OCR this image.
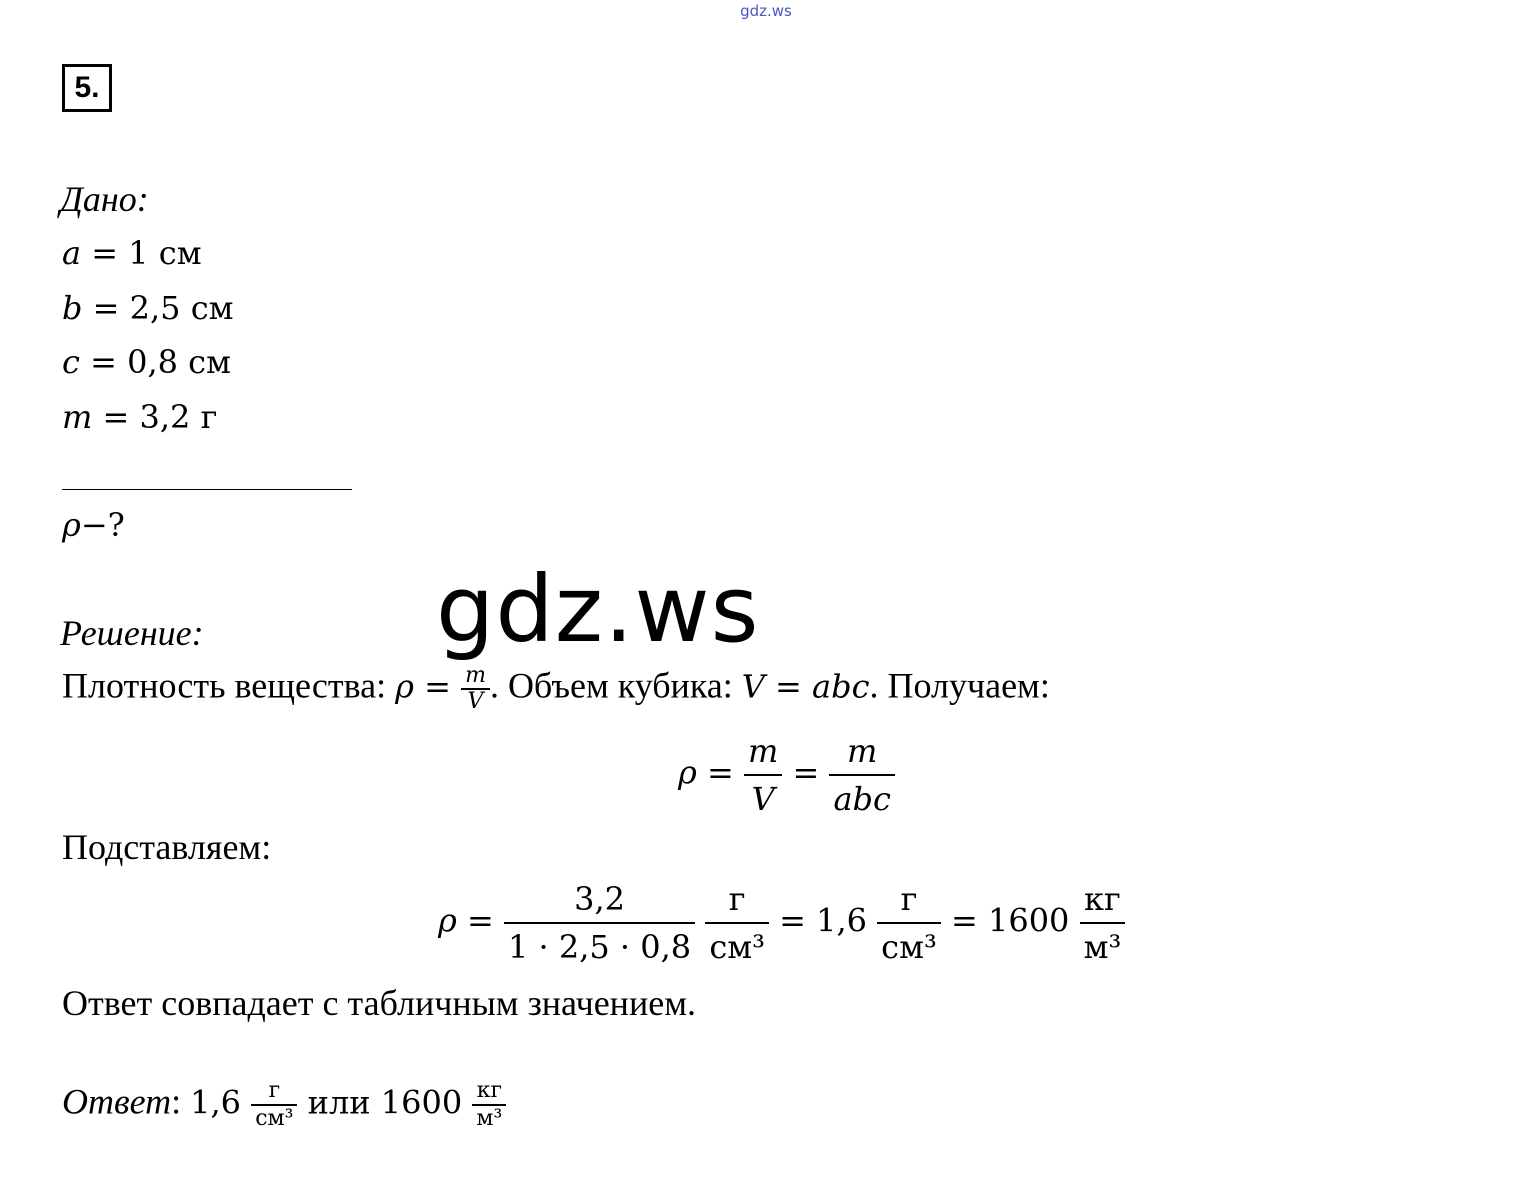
gdz.ws
5.
Дано:
a = 1 см
b = 2,5 см
c = 0,8 см
m = 3,2 г
ρ−?
Решение:	gdz.ws
Плотность вещества: $\rho = \frac{m}{V}$ . Объем кубика: V = abc. Получаем:
$\rho = \frac{m}{V} = \frac{m}{\text{abc}}$
Подставляем:
$\rho = \frac{3,2}{1 \cdot 2,5 \cdot 0,8}$
$\frac{г}{\text{см³}} = 1,6 \frac{г}{\text{см³}} = 1600 \frac{кг}{\text{м³}}$
Ответ совпадает с табличным значением.
Ответ: $1,6 \frac{г}{\text{см³}}$ или $1600 \frac{кг}{\text{м³}}$
